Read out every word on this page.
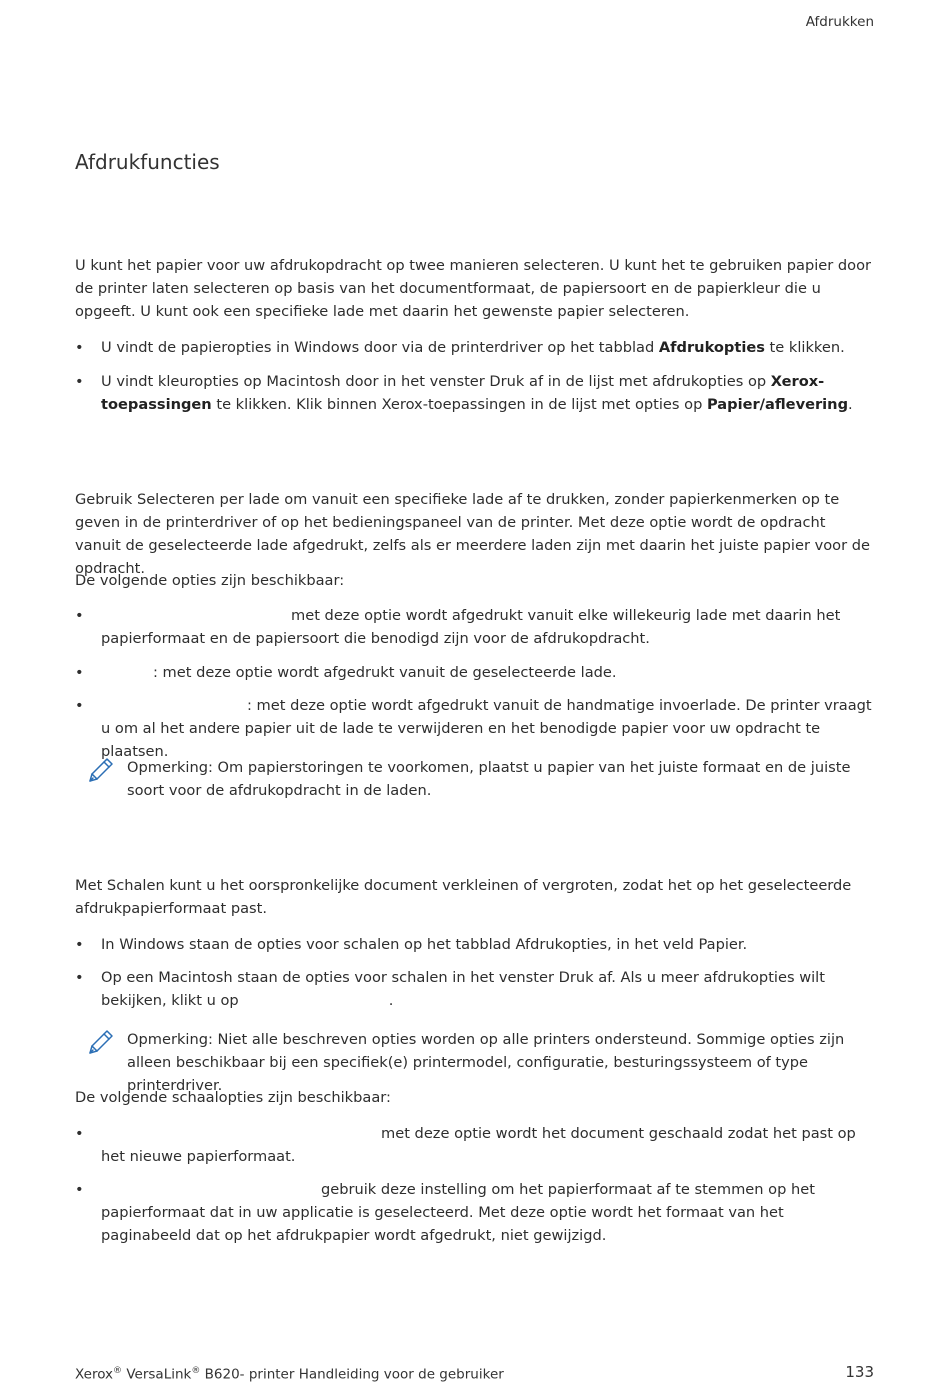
Afdrukken
Afdrukfuncties

U kunt het papier voor uw afdrukopdracht op twee manieren selecteren. U kunt het te gebruiken papier door de printer laten selecteren op basis van het documentformaat, de papiersoort en de papierkleur die u opgeeft. U kunt ook een specifieke lade met daarin het gewenste papier selecteren.

•	U vindt de papieropties in Windows door via de printerdriver op het tabblad Afdrukopties te klikken.
•	U vindt kleuropties op Macintosh door in het venster Druk af in de lijst met afdrukopties op Xerox-toepassingen te klikken. Klik binnen Xerox-toepassingen in de lijst met opties op Papier/aflevering.

Gebruik Selecteren per lade om vanuit een specifieke lade af te drukken, zonder papierkenmerken op te geven in de printerdriver of op het bedieningspaneel van de printer. Met deze optie wordt de opdracht vanuit de geselecteerde lade afgedrukt, zelfs als er meerdere laden zijn met daarin het juiste papier voor de opdracht.

De volgende opties zijn beschikbaar:

•	met deze optie wordt afgedrukt vanuit elke willekeurig lade met daarin het papierformaat en de papiersoort die benodigd zijn voor de afdrukopdracht.
•	: met deze optie wordt afgedrukt vanuit de geselecteerde lade.
•	: met deze optie wordt afgedrukt vanuit de handmatige invoerlade. De printer vraagt u om al het andere papier uit de lade te verwijderen en het benodigde papier voor uw opdracht te plaatsen.
Opmerking: Om papierstoringen te voorkomen, plaatst u papier van het juiste formaat en de juiste soort voor de afdrukopdracht in de laden.

Met Schalen kunt u het oorspronkelijke document verkleinen of vergroten, zodat het op het geselecteerde afdrukpapierformaat past.

•	In Windows staan de opties voor schalen op het tabblad Afdrukopties, in het veld Papier.
•	Op een Macintosh staan de opties voor schalen in het venster Druk af. Als u meer afdrukopties wilt bekijken, klikt u op	.
Opmerking: Niet alle beschreven opties worden op alle printers ondersteund. Sommige opties zijn alleen beschikbaar bij een specifiek(e) printermodel, configuratie, besturingssysteem of type printerdriver.

De volgende schaalopties zijn beschikbaar:

•	met deze optie wordt het document geschaald zodat het past op het nieuwe papierformaat.
•	gebruik deze instelling om het papierformaat af te stemmen op het papierformaat dat in uw applicatie is geselecteerd. Met deze optie wordt het formaat van het paginabeeld dat op het afdrukpapier wordt afgedrukt, niet gewijzigd.
Xerox® VersaLink® B620- printer Handleiding voor de gebruiker	133
